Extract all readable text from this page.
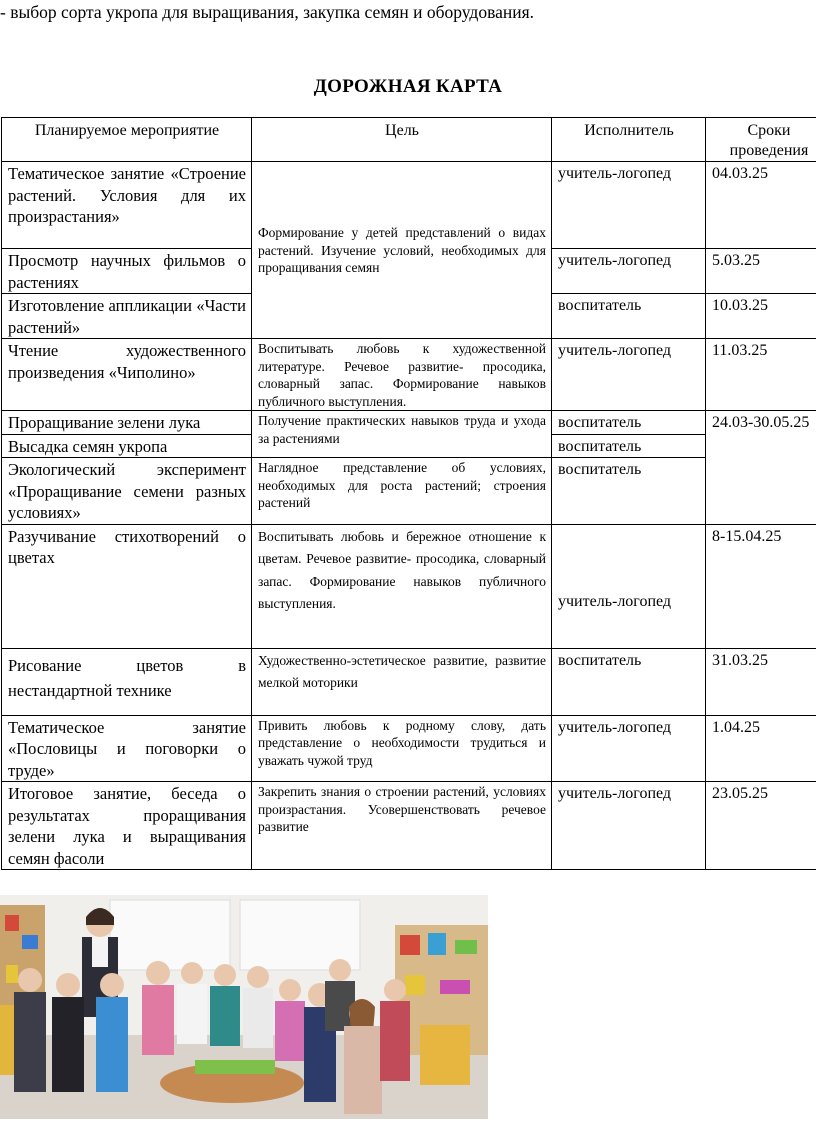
- выбор сорта укропа для выращивания, закупка семян и оборудования.
ДОРОЖНАЯ КАРТА
Планируемое мероприятие	Цель	Исполнитель	Сроки проведения
Тематическое занятие «Строение растений. Условия для их произрастания»	Формирование у детей представлений о видах растений. Изучение условий, необходимых для проращивания семян	учитель-логопед	04.03.25
Просмотр научных фильмов о растениях		учитель-логопед	5.03.25
Изготовление аппликации «Части растений»		воспитатель	10.03.25
Чтение художественного произведения «Чиполино»	Воспитывать любовь к художественной литературе. Речевое развитие- просодика, словарный запас. Формирование навыков публичного выступления.	учитель-логопед	11.03.25
Проращивание зелени лука	Получение практических навыков труда и ухода за растениями	воспитатель	24.03-30.05.25
Высадка семян укропа		воспитатель	
Экологический эксперимент «Проращивание семени разных условиях»	Наглядное представление об условиях, необходимых для роста растений; строения растений	воспитатель	
Разучивание стихотворений о цветах	Воспитывать любовь и бережное отношение к цветам. Речевое развитие- просодика, словарный запас. Формирование навыков публичного выступления.	учитель-логопед	8-15.04.25
Рисование цветов в нестандартной технике	Художественно-эстетическое развитие, развитие мелкой моторики	воспитатель	31.03.25
Тематическое занятие «Пословицы и поговорки о труде»	Привить любовь к родному слову, дать представление о необходимости трудиться и уважать чужой труд	учитель-логопед	1.04.25
Итоговое занятие, беседа о результатах проращивания зелени лука и выращивания семян фасоли	Закрепить знания о строении растений, условиях произрастания. Усовершенствовать речевое развитие	учитель-логопед	23.05.25
